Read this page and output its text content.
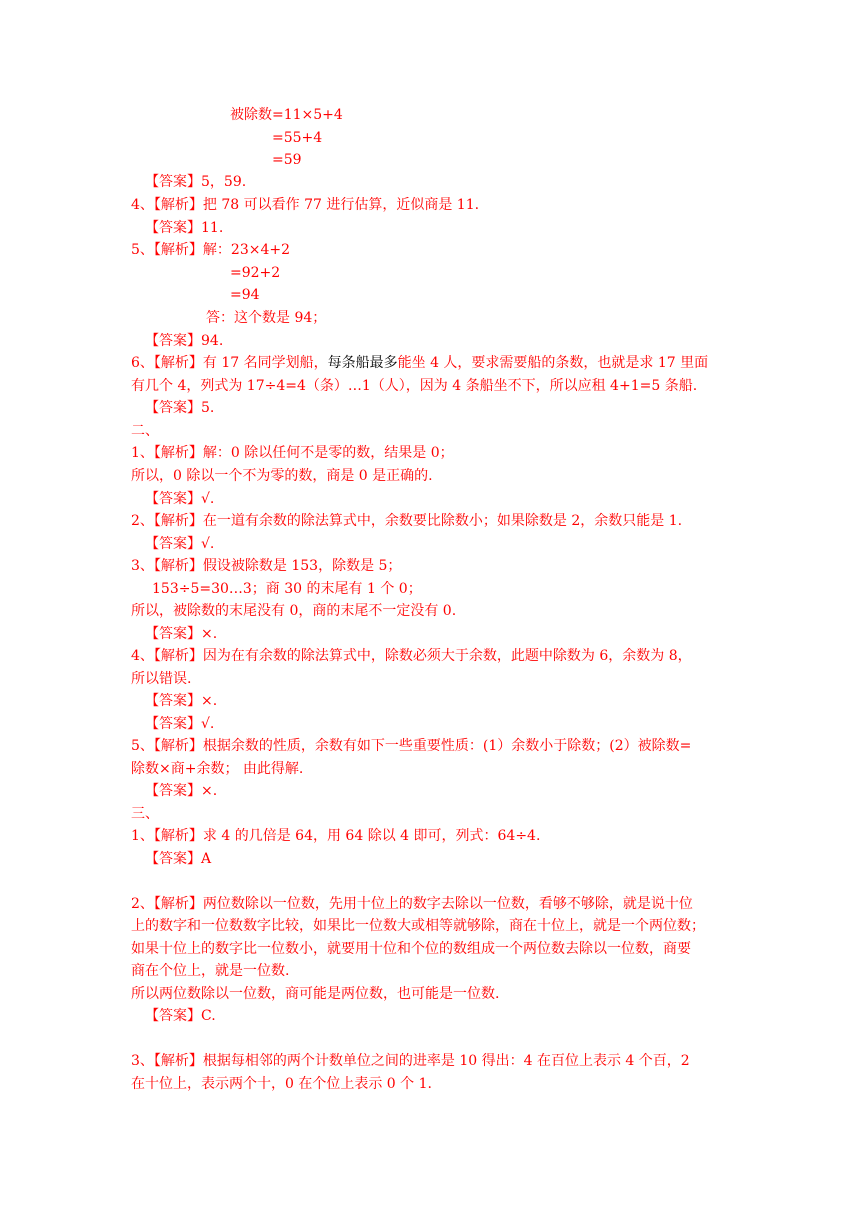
被除数=11×5+4
=55+4
=59
【答案】5，59.
4、【解析】把 78 可以看作 77 进行估算，近似商是 11.
【答案】11.
5、【解析】解：23×4+2
=92+2
=94
答：这个数是 94；
【答案】94.
6、【解析】有 17 名同学划船，每条船最多能坐 4 人，要求需要船的条数，也就是求 17 里面
有几个 4，列式为 17÷4=4（条）…1（人），因为 4 条船坐不下，所以应租 4+1=5 条船.
【答案】5.
二、
1、【解析】解：0 除以任何不是零的数，结果是 0；
所以，0 除以一个不为零的数，商是 0 是正确的.
【答案】√.
2、【解析】在一道有余数的除法算式中，余数要比除数小；如果除数是 2，余数只能是 1.
【答案】√.
3、【解析】假设被除数是 153，除数是 5；
153÷5=30…3；商 30 的末尾有 1 个 0；
所以，被除数的末尾没有 0，商的末尾不一定没有 0.
【答案】×.
4、【解析】因为在有余数的除法算式中，除数必须大于余数，此题中除数为 6，余数为 8，
所以错误.
【答案】×.
【答案】√.
5、【解析】根据余数的性质，余数有如下一些重要性质：(1）余数小于除数；(2）被除数=
除数×商+余数； 由此得解.
【答案】×.
三、
1、【解析】求 4 的几倍是 64，用 64 除以 4 即可，列式：64÷4.
【答案】A
2、【解析】两位数除以一位数，先用十位上的数字去除以一位数，看够不够除，就是说十位
上的数字和一位数数字比较，如果比一位数大或相等就够除，商在十位上，就是一个两位数；
如果十位上的数字比一位数小，就要用十位和个位的数组成一个两位数去除以一位数，商要
商在个位上，就是一位数.
所以两位数除以一位数，商可能是两位数，也可能是一位数.
【答案】C.
3、【解析】根据每相邻的两个计数单位之间的进率是 10 得出：4 在百位上表示 4 个百，2
在十位上，表示两个十，0 在个位上表示 0 个 1.
